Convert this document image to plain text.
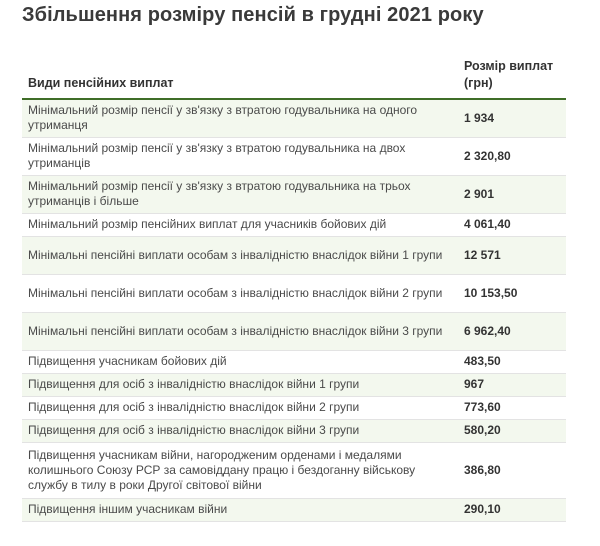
Збільшення розміру пенсій в грудні 2021 року
Види пенсійних виплат	Розмір виплат (грн)
Мінімальний розмір пенсії у зв'язку з втратою годувальника на одного утриманця	1 934
Мінімальний розмір пенсії у зв'язку з втратою годувальника на двох утриманців	2 320,80
Мінімальний розмір пенсії у зв'язку з втратою годувальника на трьох утриманців і більше	2 901
Мінімальний розмір пенсійних виплат для учасників бойових дій	4 061,40
Мінімальні пенсійні виплати особам з інвалідністю внаслідок війни 1 групи	12 571
Мінімальні пенсійні виплати особам з інвалідністю внаслідок війни 2 групи	10 153,50
Мінімальні пенсійні виплати особам з інвалідністю внаслідок війни 3 групи	6 962,40
Підвищення учасникам бойових дій	483,50
Підвищення для осіб з інвалідністю внаслідок війни 1 групи	967
Підвищення для осіб з інвалідністю внаслідок війни 2 групи	773,60
Підвищення для осіб з інвалідністю внаслідок війни 3 групи	580,20
Підвищення учасникам війни, нагородженим орденами і медалями колишнього Союзу РСР за самовіддану працю і бездоганну військову службу в тилу в роки Другої світової війни	386,80
Підвищення іншим учасникам війни	290,10
